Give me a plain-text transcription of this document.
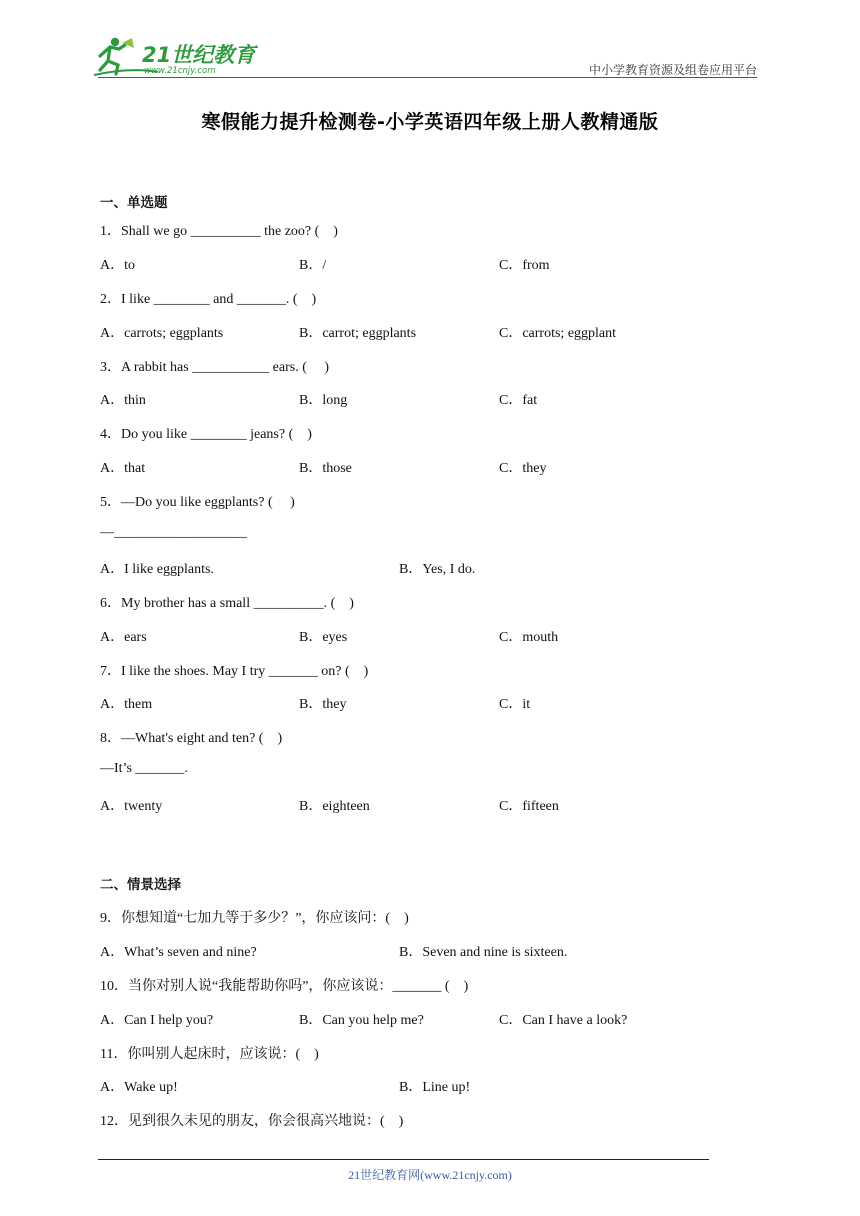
21世纪教育
www.21cnjy.com	中小学教育资源及组卷应用平台
寒假能力提升检测卷-小学英语四年级上册人教精通版
一、单选题
1．Shall we go __________ the zoo? (　)
A．to	B．/	C．from
2．I like ________ and _______. (　)
A．carrots; eggplants	B．carrot; eggplants	C．carrots; eggplant
3．A rabbit has ___________ ears. (　 )
A．thin	B．long	C．fat
4．Do you like ________ jeans? (　)
A．that	B．those	C．they
5．—Do you like eggplants? (　 )
—___________________
A．I like eggplants.	B．Yes, I do.
6．My brother has a small __________. (　)
A．ears	B．eyes	C．mouth
7．I like the shoes. May I try _______ on? (　)
A．them	B．they	C．it
8．—What's eight and ten? (　)
—It’s _______.
A．twenty	B．eighteen	C．fifteen
二、情景选择
9．你想知道“七加九等于多少？”，你应该问：(　)
A．What’s seven and nine?	B．Seven and nine is sixteen.
10．当你对别人说“我能帮助你吗”，你应该说：_______ (　)
A．Can I help you?	B．Can you help me?	C．Can I have a look?
11．你叫别人起床时，应该说：(　)
A．Wake up!	B．Line up!
12．见到很久未见的朋友，你会很高兴地说：(　)
21世纪教育网(www.21cnjy.com)
